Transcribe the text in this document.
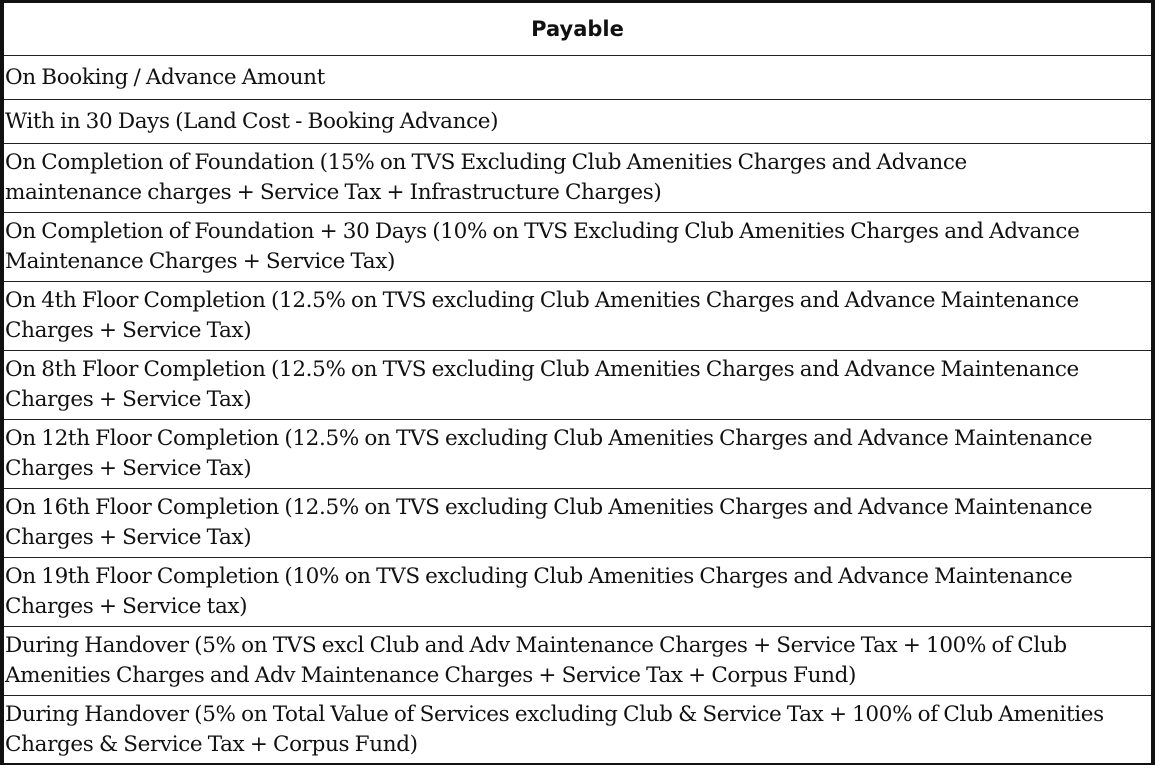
Payable
On Booking / Advance Amount
With in 30 Days (Land Cost - Booking Advance)
On Completion of Foundation (15% on TVS Excluding Club Amenities Charges and Advance
maintenance charges + Service Tax + Infrastructure Charges)
On Completion of Foundation + 30 Days (10% on TVS Excluding Club Amenities Charges and Advance
Maintenance Charges + Service Tax)
On 4th Floor Completion (12.5% on TVS excluding Club Amenities Charges and Advance Maintenance
Charges + Service Tax)
On 8th Floor Completion (12.5% on TVS excluding Club Amenities Charges and Advance Maintenance
Charges + Service Tax)
On 12th Floor Completion (12.5% on TVS excluding Club Amenities Charges and Advance Maintenance
Charges + Service Tax)
On 16th Floor Completion (12.5% on TVS excluding Club Amenities Charges and Advance Maintenance
Charges + Service Tax)
On 19th Floor Completion (10% on TVS excluding Club Amenities Charges and Advance Maintenance
Charges + Service tax)
During Handover (5% on TVS excl Club and Adv Maintenance Charges + Service Tax + 100% of Club
Amenities Charges and Adv Maintenance Charges + Service Tax + Corpus Fund)
During Handover (5% on Total Value of Services excluding Club & Service Tax + 100% of Club Amenities
Charges & Service Tax + Corpus Fund)
